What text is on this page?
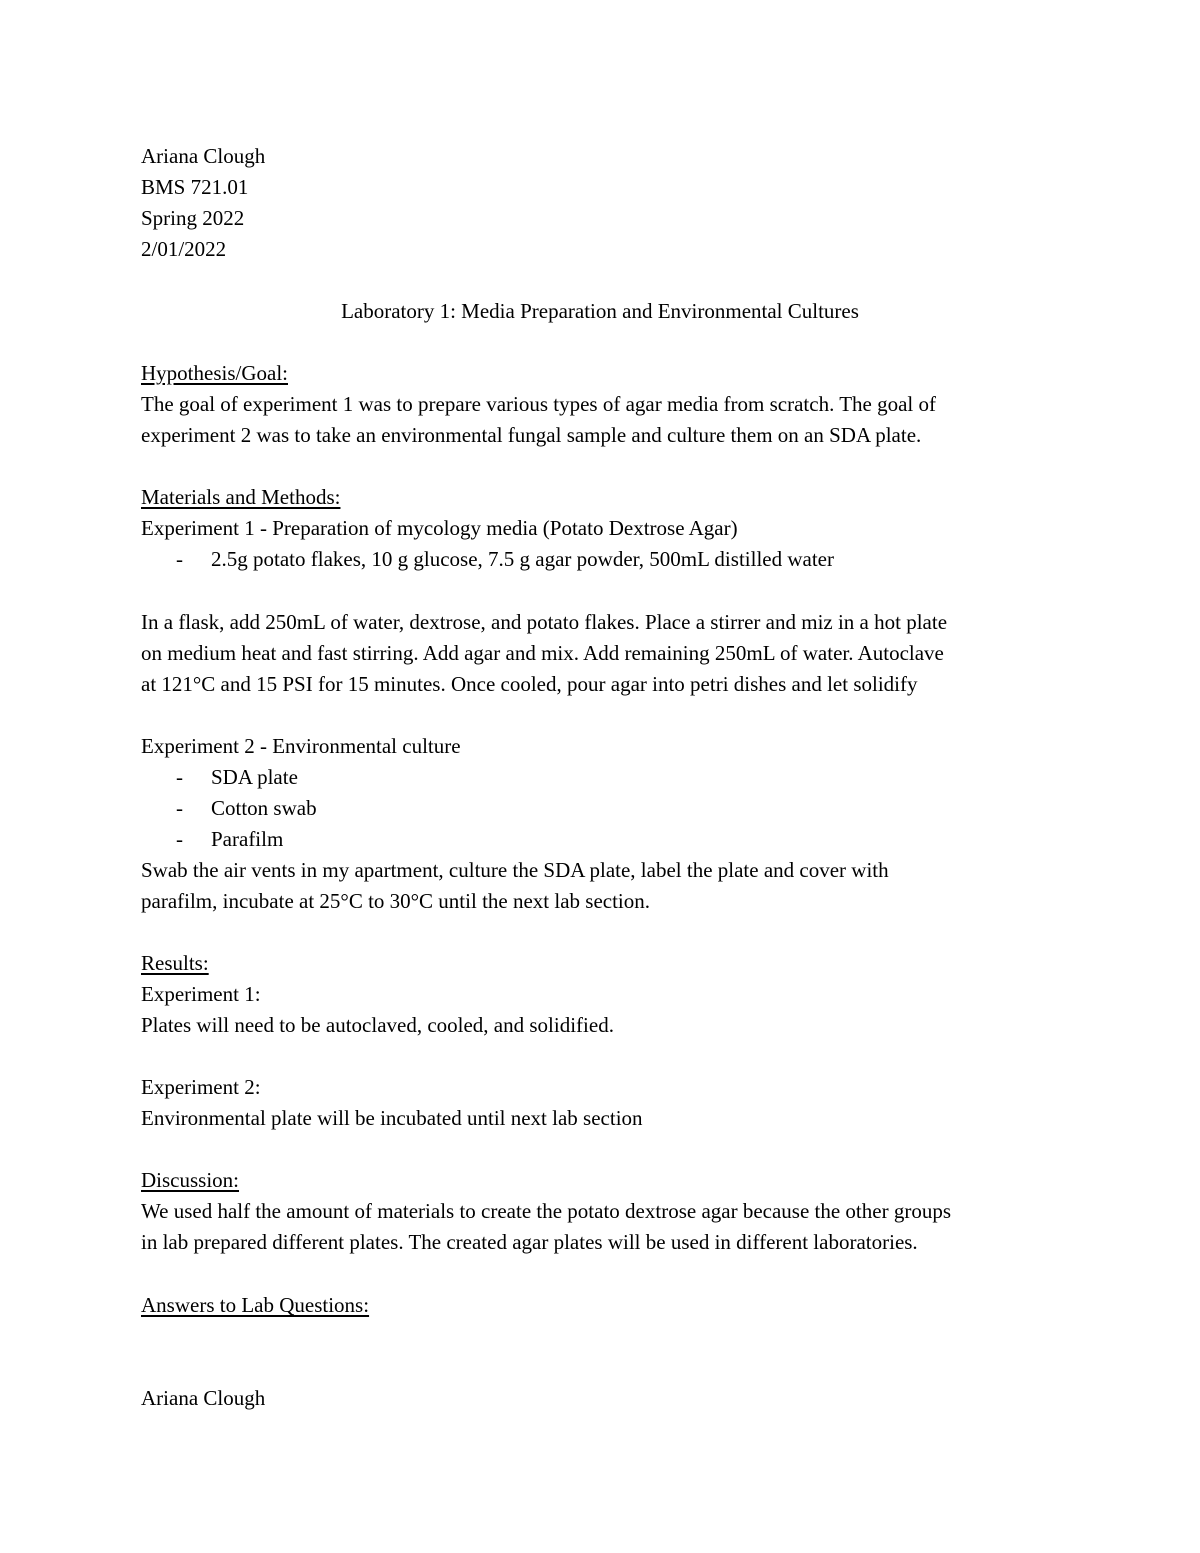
Ariana Clough
BMS 721.01
Spring 2022
2/01/2022
Laboratory 1: Media Preparation and Environmental Cultures
Hypothesis/Goal:
The goal of experiment 1 was to prepare various types of agar media from scratch. The goal of
experiment 2 was to take an environmental fungal sample and culture them on an SDA plate.
Materials and Methods:
Experiment 1 - Preparation of mycology media (Potato Dextrose Agar)
- 2.5g potato flakes, 10 g glucose, 7.5 g agar powder, 500mL distilled water
In a flask, add 250mL of water, dextrose, and potato flakes. Place a stirrer and miz in a hot plate
on medium heat and fast stirring. Add agar and mix. Add remaining 250mL of water. Autoclave
at 121°C and 15 PSI for 15 minutes. Once cooled, pour agar into petri dishes and let solidify
Experiment 2 - Environmental culture
- SDA plate
- Cotton swab
- Parafilm
Swab the air vents in my apartment, culture the SDA plate, label the plate and cover with
parafilm, incubate at 25°C to 30°C until the next lab section.
Results:
Experiment 1:
Plates will need to be autoclaved, cooled, and solidified.
Experiment 2:
Environmental plate will be incubated until next lab section
Discussion:
We used half the amount of materials to create the potato dextrose agar because the other groups
in lab prepared different plates. The created agar plates will be used in different laboratories.
Answers to Lab Questions:
Ariana Clough
